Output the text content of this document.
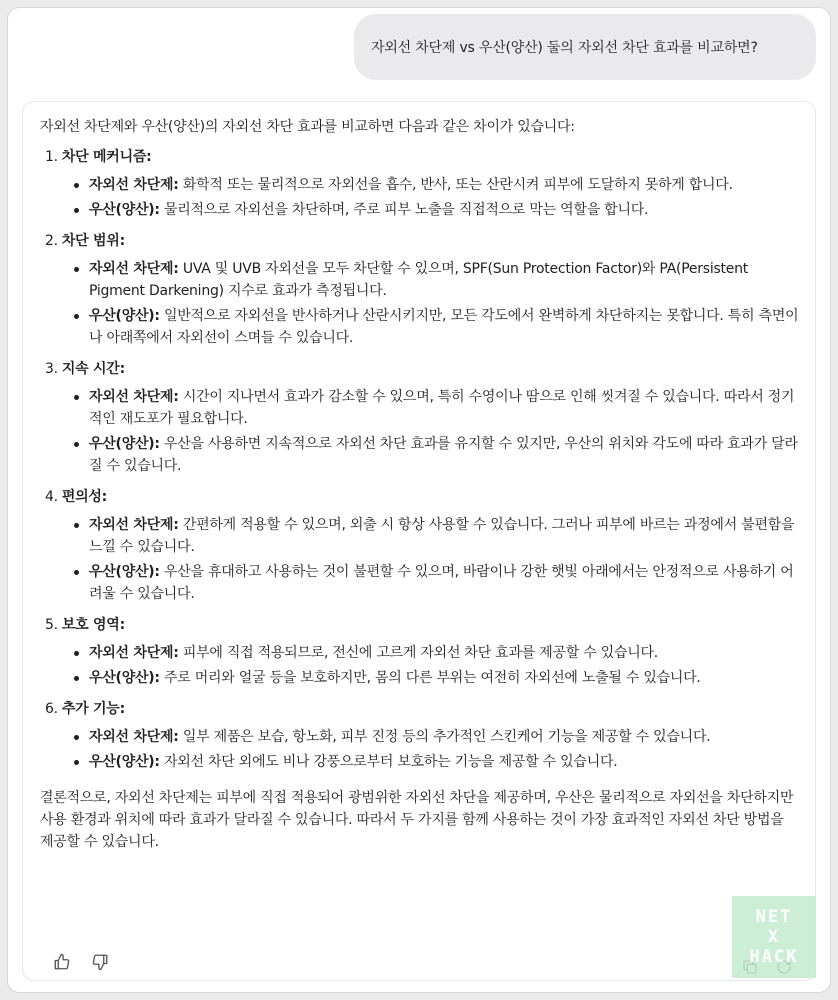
자외선 차단제 vs 우산(양산) 둘의 자외선 차단 효과를 비교하면?

자외선 차단제와 우산(양산)의 자외선 차단 효과를 비교하면 다음과 같은 차이가 있습니다:

1. 차단 메커니즘:
자외선 차단제: 화학적 또는 물리적으로 자외선을 흡수, 반사, 또는 산란시켜 피부에 도달하지 못하게 합니다.
우산(양산): 물리적으로 자외선을 차단하며, 주로 피부 노출을 직접적으로 막는 역할을 합니다.
2. 차단 범위:
자외선 차단제: UVA 및 UVB 자외선을 모두 차단할 수 있으며, SPF(Sun Protection Factor)와 PA(Persistent Pigment Darkening) 지수로 효과가 측정됩니다.
우산(양산): 일반적으로 자외선을 반사하거나 산란시키지만, 모든 각도에서 완벽하게 차단하지는 못합니다. 특히 측면이나 아래쪽에서 자외선이 스며들 수 있습니다.
3. 지속 시간:
자외선 차단제: 시간이 지나면서 효과가 감소할 수 있으며, 특히 수영이나 땀으로 인해 씻겨질 수 있습니다. 따라서 정기적인 재도포가 필요합니다.
우산(양산): 우산을 사용하면 지속적으로 자외선 차단 효과를 유지할 수 있지만, 우산의 위치와 각도에 따라 효과가 달라질 수 있습니다.
4. 편의성:
자외선 차단제: 간편하게 적용할 수 있으며, 외출 시 항상 사용할 수 있습니다. 그러나 피부에 바르는 과정에서 불편함을 느낄 수 있습니다.
우산(양산): 우산을 휴대하고 사용하는 것이 불편할 수 있으며, 바람이나 강한 햇빛 아래에서는 안정적으로 사용하기 어려울 수 있습니다.
5. 보호 영역:
자외선 차단제: 피부에 직접 적용되므로, 전신에 고르게 자외선 차단 효과를 제공할 수 있습니다.
우산(양산): 주로 머리와 얼굴 등을 보호하지만, 몸의 다른 부위는 여전히 자외선에 노출될 수 있습니다.
6. 추가 기능:
자외선 차단제: 일부 제품은 보습, 항노화, 피부 진정 등의 추가적인 스킨케어 기능을 제공할 수 있습니다.
우산(양산): 자외선 차단 외에도 비나 강풍으로부터 보호하는 기능을 제공할 수 있습니다.

결론적으로, 자외선 차단제는 피부에 직접 적용되어 광범위한 자외선 차단을 제공하며, 우산은 물리적으로 자외선을 차단하지만 사용 환경과 위치에 따라 효과가 달라질 수 있습니다. 따라서 두 가지를 함께 사용하는 것이 가장 효과적인 자외선 차단 방법을 제공할 수 있습니다.

NET
X
HACK
